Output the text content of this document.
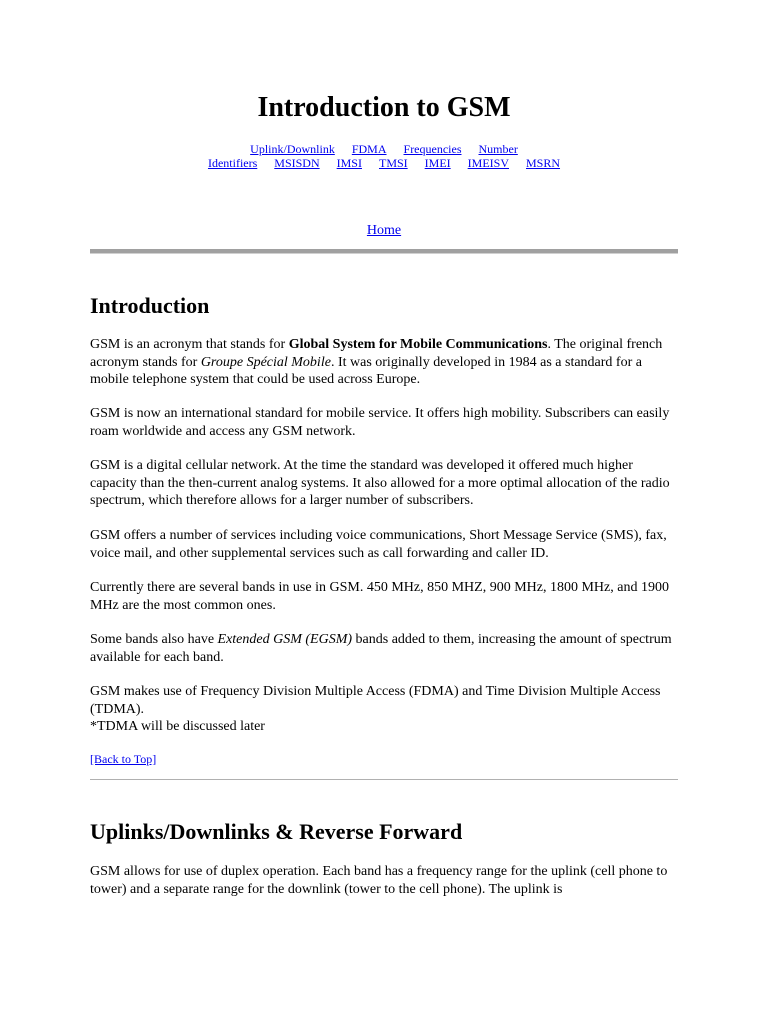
Introduction to GSM
Uplink/Downlink FDMA Frequencies Number
Identifiers MSISDN IMSI TMSI IMEI IMEISV MSRN
Home
Introduction

GSM is an acronym that stands for Global System for Mobile Communications. The original french acronym stands for Groupe Spécial Mobile. It was originally developed in 1984 as a standard for a mobile telephone system that could be used across Europe.

GSM is now an international standard for mobile service. It offers high mobility. Subscribers can easily roam worldwide and access any GSM network.

GSM is a digital cellular network. At the time the standard was developed it offered much higher capacity than the then-current analog systems. It also allowed for a more optimal allocation of the radio spectrum, which therefore allows for a larger number of subscribers.

GSM offers a number of services including voice communications, Short Message Service (SMS), fax, voice mail, and other supplemental services such as call forwarding and caller ID.

Currently there are several bands in use in GSM. 450 MHz, 850 MHZ, 900 MHz, 1800 MHz, and 1900 MHz are the most common ones.

Some bands also have Extended GSM (EGSM) bands added to them, increasing the amount of spectrum available for each band.

GSM makes use of Frequency Division Multiple Access (FDMA) and Time Division Multiple Access (TDMA).
*TDMA will be discussed later

[Back to Top]
Uplinks/Downlinks & Reverse Forward

GSM allows for use of duplex operation. Each band has a frequency range for the uplink (cell phone to tower) and a separate range for the downlink (tower to the cell phone). The uplink is
